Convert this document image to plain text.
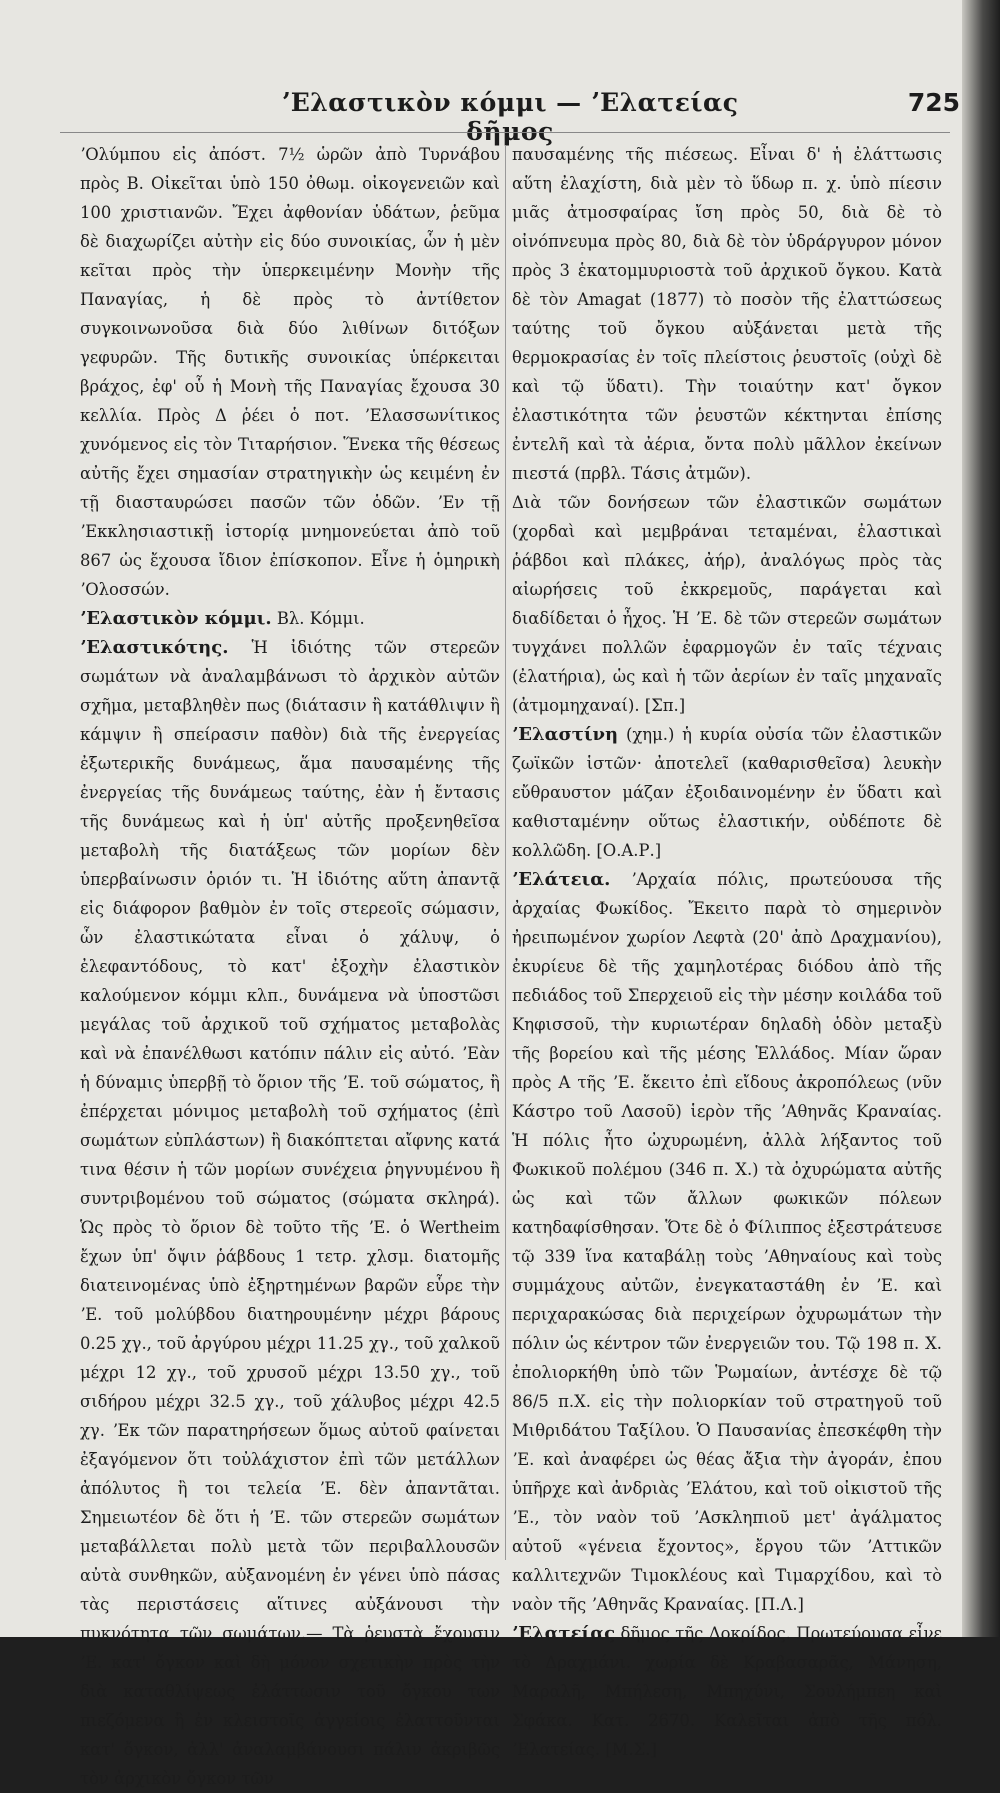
ʼΕλαστικὸν κόμμι — ʼΕλατείας δῆμος
725

ʼΟλύμπου εἰς ἀπόστ. 7½ ὡρῶν ἀπὸ Τυρνάβου πρὸς Β. Οἰκεῖται ὑπὸ 150 ὀθωμ. οἰκογενειῶν καὶ 100 χριστιανῶν. Ἔχει ἀφθονίαν ὑδάτων, ῥεῦμα δὲ διαχωρίζει αὐτὴν εἰς δύο συνοικίας, ὧν ἡ μὲν κεῖται πρὸς τὴν ὑπερκειμένην Μονὴν τῆς Παναγίας, ἡ δὲ πρὸς τὸ ἀντίθετον συγκοινωνοῦσα διὰ δύο λιθίνων διτόξων γεφυρῶν. Τῆς δυτικῆς συνοικίας ὑπέρκειται βράχος, ἐφ' οὗ ἡ Μονὴ τῆς Παναγίας ἔχουσα 30 κελλία. Πρὸς Δ ῥέει ὁ ποτ. ʼΕλασσωνίτικος χυνόμενος εἰς τὸν Τιταρήσιον. Ἕνεκα τῆς θέσεως αὐτῆς ἔχει σημασίαν στρατηγικὴν ὡς κειμένη ἐν τῇ διασταυρώσει πασῶν τῶν ὁδῶν. ʼΕν τῇ ʼΕκκλησιαστικῇ ἱστορίᾳ μνημονεύεται ἀπὸ τοῦ 867 ὡς ἔχουσα ἴδιον ἐπίσκοπον. Εἶνε ἡ ὁμηρικὴ ʼΟλοσσών.

ʼΕλαστικὸν κόμμι. Βλ. Κόμμι.

ʼΕλαστικότης. Ἡ ἰδιότης τῶν στερεῶν σωμάτων νὰ ἀναλαμβάνωσι τὸ ἀρχικὸν αὐτῶν σχῆμα, μεταβληθὲν πως (διάτασιν ἢ κατάθλιψιν ἢ κάμψιν ἢ σπείρασιν παθὸν) διὰ τῆς ἐνεργείας ἐξωτερικῆς δυνάμεως, ἅμα παυσαμένης τῆς ἐνεργείας τῆς δυνάμεως ταύτης, ἐὰν ἡ ἔντασις τῆς δυνάμεως καὶ ἡ ὑπ' αὐτῆς προξενηθεῖσα μεταβολὴ τῆς διατάξεως τῶν μορίων δὲν ὑπερβαίνωσιν ὁριόν τι. Ἡ ἰδιότης αὕτη ἀπαντᾷ εἰς διάφορον βαθμὸν ἐν τοῖς στερεοῖς σώμασιν, ὧν ἐλαστικώτατα εἶναι ὁ χάλυψ, ὁ ἐλεφαντόδους, τὸ κατ' ἐξοχὴν ἐλαστικὸν καλούμενον κόμμι κλπ., δυνάμενα νὰ ὑποστῶσι μεγάλας τοῦ ἀρχικοῦ τοῦ σχήματος μεταβολὰς καὶ νὰ ἐπανέλθωσι κατόπιν πάλιν εἰς αὐτό. ʼΕὰν ἡ δύναμις ὑπερβῇ τὸ ὅριον τῆς ʼΕ. τοῦ σώματος, ἢ ἐπέρχεται μόνιμος μεταβολὴ τοῦ σχήματος (ἐπὶ σωμάτων εὐπλάστων) ἢ διακόπτεται αἴφνης κατά τινα θέσιν ἡ τῶν μορίων συνέχεια ῥηγνυμένου ἢ συντριβομένου τοῦ σώματος (σώματα σκληρά). Ὡς πρὸς τὸ ὅριον δὲ τοῦτο τῆς ʼΕ. ὁ Wertheim ἔχων ὑπ' ὄψιν ῥάβδους 1 τετρ. χλσμ. διατομῆς διατεινομένας ὑπὸ ἐξηρτημένων βαρῶν εὗρε τὴν ʼΕ. τοῦ μολύβδου διατηρουμένην μέχρι βάρους 0.25 χγ., τοῦ ἀργύρου μέχρι 11.25 χγ., τοῦ χαλκοῦ μέχρι 12 χγ., τοῦ χρυσοῦ μέχρι 13.50 χγ., τοῦ σιδήρου μέχρι 32.5 χγ., τοῦ χάλυβος μέχρι 42.5 χγ. ʼΕκ τῶν παρατηρήσεων ὅμως αὐτοῦ φαίνεται ἐξαγόμενον ὅτι τοὐλάχιστον ἐπὶ τῶν μετάλλων ἀπόλυτος ἢ τοι τελεία ʼΕ. δὲν ἀπαντᾶται. Σημειωτέον δὲ ὅτι ἡ ʼΕ. τῶν στερεῶν σωμάτων μεταβάλλεται πολὺ μετὰ τῶν περιβαλλουσῶν αὐτὰ συνθηκῶν, αὐξανομένη ἐν γένει ὑπὸ πάσας τὰς περιστάσεις αἵτινες αὐξάνουσι τὴν πυκνότητα τῶν σωμάτων.— Τὰ ῥευστὰ ἔχουσιν ʼΕ. κατ' ὄγκον καὶ δὴ μόνον σχετικὴν πρὸς τὴν διὰ καταθλίψεως ἐλάττωσιν τοῦ ὄγκου των πιεζόμενα ἢ ἐν κλειστοῖς ἀγγείοις ἐλαττοῦνται κατ' ὄγκον, ἀλλ' ἀναλαμβάνουσι πάλιν ἀκριβῶς τὸν ἀρχικὸν ὄγκον τῶν

παυσαμένης τῆς πιέσεως. Εἶναι δ' ἡ ἐλάττωσις αὕτη ἐλαχίστη, διὰ μὲν τὸ ὕδωρ π. χ. ὑπὸ πίεσιν μιᾶς ἀτμοσφαίρας ἴση πρὸς 50, διὰ δὲ τὸ οἰνόπνευμα πρὸς 80, διὰ δὲ τὸν ὑδράργυρον μόνον πρὸς 3 ἑκατομμυριοστὰ τοῦ ἀρχικοῦ ὄγκου. Κατὰ δὲ τὸν Amagat (1877) τὸ ποσὸν τῆς ἐλαττώσεως ταύτης τοῦ ὄγκου αὐξάνεται μετὰ τῆς θερμοκρασίας ἐν τοῖς πλείστοις ῥευστοῖς (οὐχὶ δὲ καὶ τῷ ὕδατι). Τὴν τοιαύτην κατ' ὄγκον ἐλαστικότητα τῶν ῥευστῶν κέκτηνται ἐπίσης ἐντελῆ καὶ τὰ ἀέρια, ὄντα πολὺ μᾶλλον ἐκείνων πιεστά (πρβλ. Τάσις ἀτμῶν).

Διὰ τῶν δονήσεων τῶν ἐλαστικῶν σωμάτων (χορδαὶ καὶ μεμβράναι τεταμέναι, ἐλαστικαὶ ῥάβδοι καὶ πλάκες, ἀήρ), ἀναλόγως πρὸς τὰς αἰωρήσεις τοῦ ἐκκρεμοῦς, παράγεται καὶ διαδίδεται ὁ ἦχος. Ἡ ʼΕ. δὲ τῶν στερεῶν σωμάτων τυγχάνει πολλῶν ἐφαρμογῶν ἐν ταῖς τέχναις (ἐλατήρια), ὡς καὶ ἡ τῶν ἀερίων ἐν ταῖς μηχαναῖς (ἀτμομηχαναί). [Σπ.]

ʼΕλαστίνη (χημ.) ἡ κυρία οὐσία τῶν ἐλαστικῶν ζωϊκῶν ἱστῶν· ἀποτελεῖ (καθαρισθεῖσα) λευκὴν εὔθραυστον μάζαν ἐξοιδαινομένην ἐν ὕδατι καὶ καθισταμένην οὕτως ἐλαστικήν, οὐδέποτε δὲ κολλῶδη. [Ο.Α.Ρ.]

ʼΕλάτεια. ʼΑρχαία πόλις, πρωτεύουσα τῆς ἀρχαίας Φωκίδος. Ἔκειτο παρὰ τὸ σημερινὸν ἠρειπωμένον χωρίον Λεφτὰ (20' ἀπὸ Δραχμανίου), ἐκυρίευε δὲ τῆς χαμηλοτέρας διόδου ἀπὸ τῆς πεδιάδος τοῦ Σπερχειοῦ εἰς τὴν μέσην κοιλάδα τοῦ Κηφισσοῦ, τὴν κυριωτέραν δηλαδὴ ὁδὸν μεταξὺ τῆς βορείου καὶ τῆς μέσης Ἑλλάδος. Μίαν ὥραν πρὸς Α τῆς ʼΕ. ἔκειτο ἐπὶ εἴδους ἀκροπόλεως (νῦν Κάστρο τοῦ Λασοῦ) ἱερὸν τῆς ʼΑθηνᾶς Κραναίας. Ἡ πόλις ἦτο ὠχυρωμένη, ἀλλὰ λήξαντος τοῦ Φωκικοῦ πολέμου (346 π. Χ.) τὰ ὀχυρώματα αὐτῆς ὡς καὶ τῶν ἄλλων φωκικῶν πόλεων κατηδαφίσθησαν. Ὅτε δὲ ὁ Φίλιππος ἐξεστράτευσε τῷ 339 ἵνα καταβάλῃ τοὺς ʼΑθηναίους καὶ τοὺς συμμάχους αὐτῶν, ἐνεγκαταστάθη ἐν ʼΕ. καὶ περιχαρακώσας διὰ περιχείρων ὀχυρωμάτων τὴν πόλιν ὡς κέντρον τῶν ἐνεργειῶν του. Τῷ 198 π. Χ. ἐπολιορκήθη ὑπὸ τῶν Ῥωμαίων, ἀντέσχε δὲ τῷ 86/5 π.Χ. εἰς τὴν πολιορκίαν τοῦ στρατηγοῦ τοῦ Μιθριδάτου Ταξίλου. Ὁ Παυσανίας ἐπεσκέφθη τὴν ʼΕ. καὶ ἀναφέρει ὡς θέας ἄξια τὴν ἀγοράν, ἐπου ὑπῆρχε καὶ ἀνδριὰς ʼΕλάτου, καὶ τοῦ οἰκιστοῦ τῆς ʼΕ., τὸν ναὸν τοῦ ʼΑσκληπιοῦ μετ' ἀγάλματος αὐτοῦ «γένεια ἔχοντος», ἔργου τῶν ʼΑττικῶν καλλιτεχνῶν Τιμοκλέους καὶ Τιμαρχίδου, καὶ τὸ ναὸν τῆς ʼΑθηνᾶς Κραναίας. [Π.Λ.]

ʼΕλατείας δῆμος τῆς Λοκρίδος. Πρωτεύουσα εἶνε τὸ Δραχμάνι. χωρία δὲ Κραβασαρᾶς, Μάνηση, Μαραλῆ, Μπήλεση, Μπηχύνι, Σουλήμπεη καὶ Σφάκα. Κατ. 2670. Καλεῖται ἀπὸ τῆς πόλ. ʼΕλατείας. [Μ.Σ.]
